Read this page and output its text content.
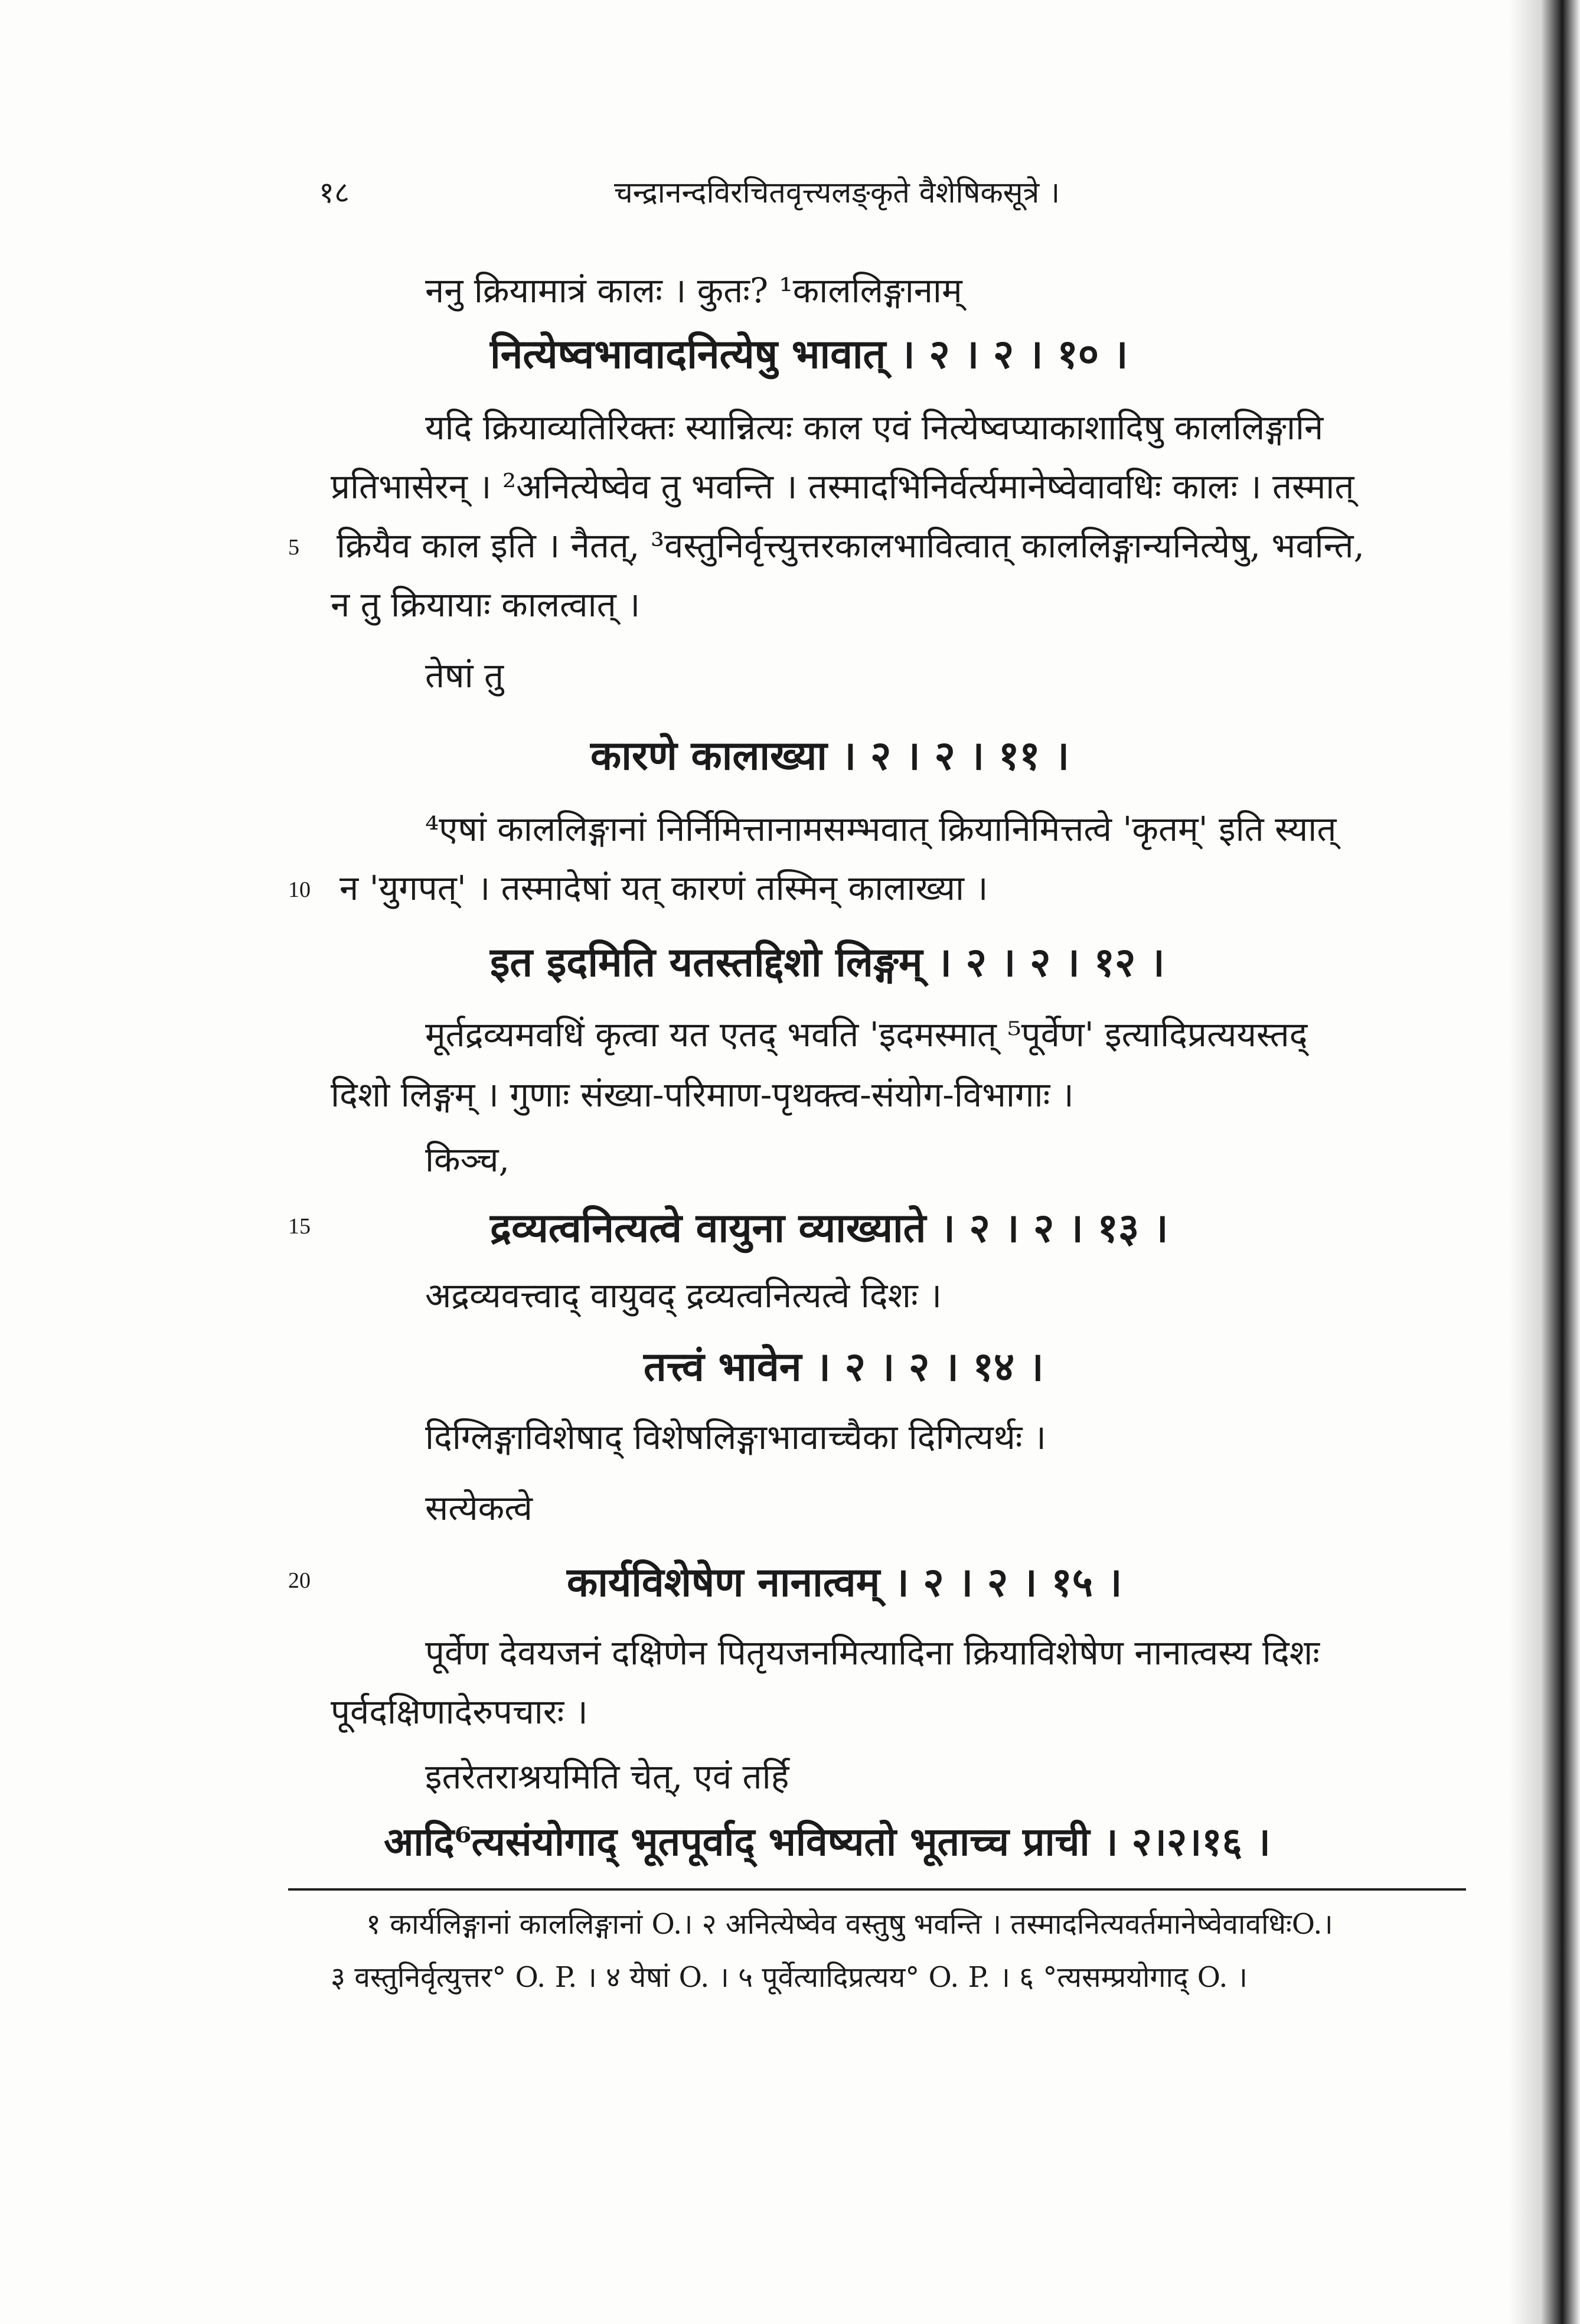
१८	चन्द्रानन्दविरचितवृत्त्यलङ्कृते वैशेषिकसूत्रे ।
ननु क्रियामात्रं कालः । कुतः? ¹काललिङ्गानाम्
नित्येष्वभावादनित्येषु भावात् । २ । २ । १० ।
यदि क्रियाव्यतिरिक्तः स्यान्नित्यः काल एवं नित्येष्वप्याकाशादिषु काललिङ्गानि
प्रतिभासेरन् । ²अनित्येष्वेव तु भवन्ति । तस्मादभिनिर्वर्त्यमानेष्वेवावधिः कालः । तस्मात्
क्रियैव काल इति । नैतत्, ³वस्तुनिर्वृत्त्युत्तरकालभावित्वात् काललिङ्गान्यनित्येषु, भवन्ति,
न तु क्रियायाः कालत्वात् ।
तेषां तु
कारणे कालाख्या । २ । २ । ११ ।
⁴एषां काललिङ्गानां निर्निमित्तानामसम्भवात् क्रियानिमित्तत्वे 'कृतम्' इति स्यात्
न 'युगपत्' । तस्मादेषां यत् कारणं तस्मिन् कालाख्या ।
इत इदमिति यतस्तद्दिशो लिङ्गम् । २ । २ । १२ ।
मूर्तद्रव्यमवधिं कृत्वा यत एतद् भवति 'इदमस्मात् ⁵पूर्वेण' इत्यादिप्रत्ययस्तद्
दिशो लिङ्गम् । गुणाः संख्या-परिमाण-पृथक्त्व-संयोग-विभागाः ।
किञ्च,
द्रव्यत्वनित्यत्वे वायुना व्याख्याते । २ । २ । १३ ।
अद्रव्यवत्त्वाद् वायुवद् द्रव्यत्वनित्यत्वे दिशः ।
तत्त्वं भावेन । २ । २ । १४ ।
दिग्लिङ्गाविशेषाद् विशेषलिङ्गाभावाच्चैका दिगित्यर्थः ।
सत्येकत्वे
कार्यविशेषेण नानात्वम् । २ । २ । १५ ।
पूर्वेण देवयजनं दक्षिणेन पितृयजनमित्यादिना क्रियाविशेषेण नानात्वस्य दिशः
पूर्वदक्षिणादेरुपचारः ।
इतरेतराश्रयमिति चेत्, एवं तर्हि
आदि⁶त्यसंयोगाद् भूतपूर्वाद् भविष्यतो भूताच्च प्राची । २।२।१६ ।
5
10
15
20
१ कार्यलिङ्गानां काललिङ्गानां O.। २ अनित्येष्वेव वस्तुषु भवन्ति । तस्मादनित्यवर्तमानेष्वेवावधिःO.।
३ वस्तुनिर्वृत्युत्तर° O. P. । ४ येषां O. । ५ पूर्वेत्यादिप्रत्यय° O. P. । ६ °त्यसम्प्रयोगाद् O. ।
